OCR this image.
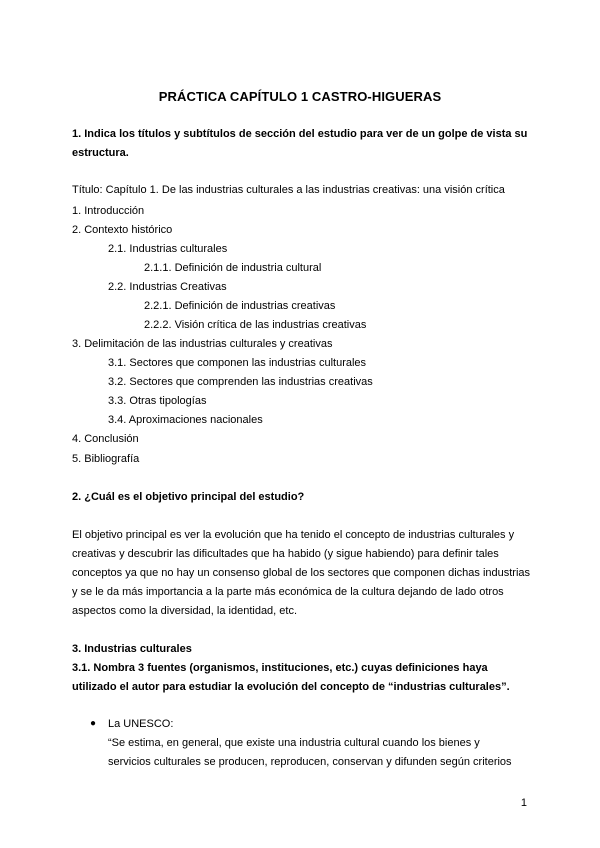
PRÁCTICA CAPÍTULO 1 CASTRO-HIGUERAS
1. Indica los títulos y subtítulos de sección del estudio para ver de un golpe de vista su estructura.
Título: Capítulo 1. De las industrias culturales a las industrias creativas: una visión crítica
1. Introducción
2. Contexto histórico
2.1. Industrias culturales
2.1.1. Definición de industria cultural
2.2. Industrias Creativas
2.2.1. Definición de industrias creativas
2.2.2. Visión crítica de las industrias creativas
3. Delimitación de las industrias culturales y creativas
3.1. Sectores que componen las industrias culturales
3.2. Sectores que comprenden las industrias creativas
3.3. Otras tipologías
3.4. Aproximaciones nacionales
4. Conclusión
5. Bibliografía
2. ¿Cuál es el objetivo principal del estudio?
El objetivo principal es ver la evolución que ha tenido el concepto de industrias culturales y creativas y descubrir las dificultades que ha habido (y sigue habiendo) para definir tales conceptos ya que no hay un consenso global de los sectores que componen dichas industrias y se le da más importancia a la parte más económica de la cultura dejando de lado otros aspectos como la diversidad, la identidad, etc.
3. Industrias culturales
3.1. Nombra 3 fuentes (organismos, instituciones, etc.) cuyas definiciones haya utilizado el autor para estudiar la evolución del concepto de “industrias culturales”.
● La UNESCO:
“Se estima, en general, que existe una industria cultural cuando los bienes y servicios culturales se producen, reproducen, conservan y difunden según criterios
1
